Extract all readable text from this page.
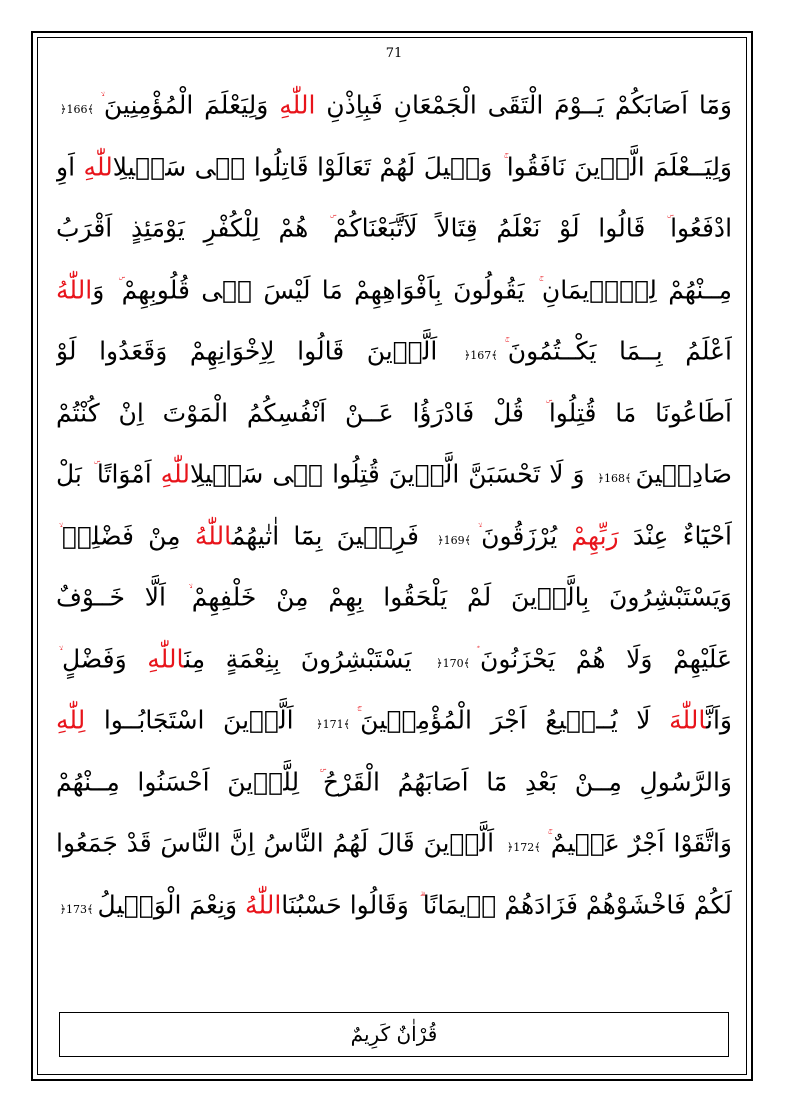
71
وَمَٓا اَصَابَكُمْ يَــوْمَ الْتَقَى الْجَمْعَانِ فَبِاِذْنِ اللّٰهِ وَلِيَعْلَمَ الْمُؤْمِنِينَ﴿166﴾
وَلِيَــعْلَمَ الَّذٖينَ نَافَقُوا وَقٖيلَ لَهُمْ تَعَالَوْا قَاتِلُوا فٖى سَبٖيلِاللّٰهِ اَوِ
ادْفَعُوا قَالُوا لَوْ نَعْلَمُ قِتَالاً لَاَتَّبَعْنَاكُمْ هُمْ لِلْكُفْرِ يَوْمَئِذٍ اَقْرَبُ
مِــنْهُمْ لِلْاٖيمَانِ يَقُولُونَ بِاَفْوَاهِهِمْ مَا لَيْسَ فٖى قُلُوبِهِمْ وَاللّٰهُ
اَعْلَمُ بِــمَا يَكْــتُمُونَ﴿167﴾ اَلَّذٖينَ قَالُوا لِاِخْوَانِهِمْ وَقَعَدُوا لَوْ
اَطَاعُونَا مَا قُتِلُوا قُلْ فَادْرَؤُا عَــنْ اَنْفُسِكُمُ الْمَوْتَ اِنْ كُنْتُمْ
صَادِقٖينَ﴿168﴾ وَ لَا تَحْسَبَنَّ الَّذٖينَ قُتِلُوا فٖى سَبٖيلِاللّٰهِ اَمْوَاتًا بَلْ
اَحْيَٓاءٌ عِنْدَ رَبِّهِمْ يُرْزَقُونَ﴿169﴾ فَرِحٖينَ بِمَٓا اٰتٰيهُمُاللّٰهُ مِنْ فَضْلِهٖ
وَيَسْتَبْشِرُونَ بِالَّذٖينَ لَمْ يَلْحَقُوا بِهِمْ مِنْ خَلْفِهِمْ اَلَّا خَــوْفٌ
عَلَيْهِمْ وَلَا هُمْ يَحْزَنُونَ﴿170﴾ يَسْتَبْشِرُونَ بِنِعْمَةٍ مِنَاللّٰهِ وَفَضْلٍ
وَاَنَّاللّٰهَ لَا يُــضٖيعُ اَجْرَ الْمُؤْمِنٖينَ﴿171﴾ اَلَّذٖينَ اسْتَجَابُــوا لِلّٰهِ
وَالرَّسُولِ مِــنْ بَعْدِ مَٓا اَصَابَهُمُ الْقَرْحُ لِلَّذٖينَ اَحْسَنُوا مِــنْهُمْ
وَاتَّقَوْا اَجْرٌ عَظٖيمٌ﴿172﴾ اَلَّذٖينَ قَالَ لَهُمُ النَّاسُ اِنَّ النَّاسَ قَدْ جَمَعُوا
لَكُمْ فَاخْشَوْهُمْ فَزَادَهُمْ اٖيمَانًا وَقَالُوا حَسْبُنَااللّٰهُ وَنِعْمَ الْوَكٖيلُ﴿173﴾
قُرْاٰنٌ كَرِيمٌ
